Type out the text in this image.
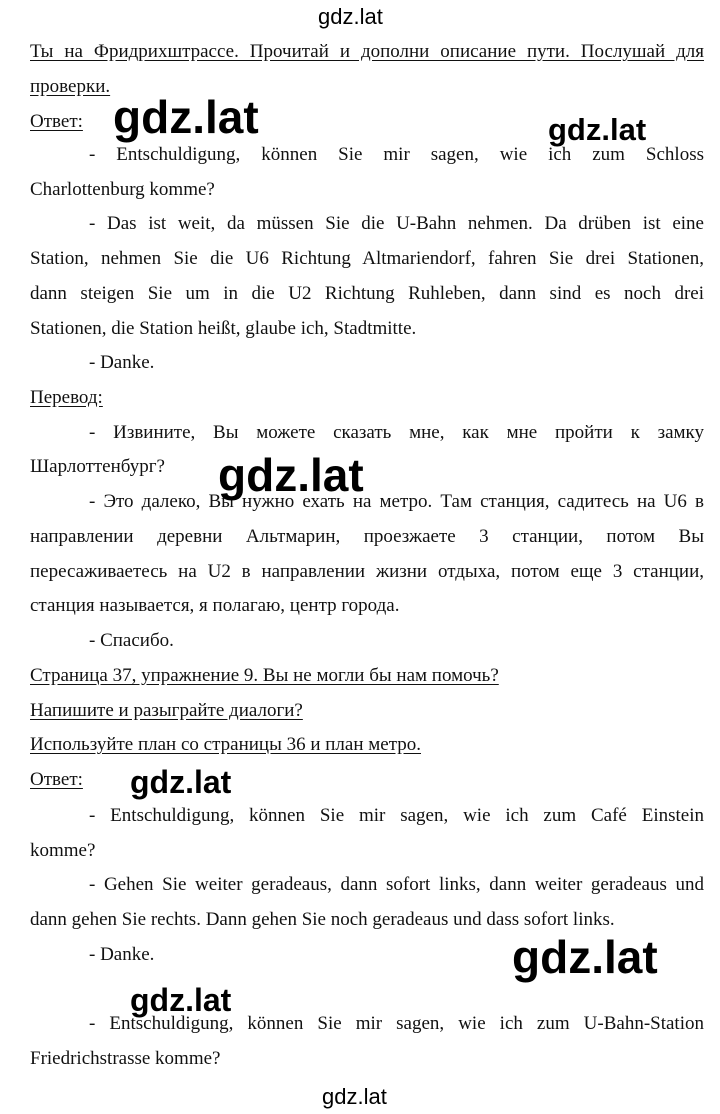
gdz.lat
gdz.lat
Ты на Фридрихштрассе. Прочитай и дополни описание пути. Послушай для
проверки.
Ответ: gdz.lat	gdz.lat
- Entschuldigung, können Sie mir sagen, wie ich zum Schloss
Charlottenburg komme?
- Das ist weit, da müssen Sie die U-Bahn nehmen. Da drüben ist eine
Station, nehmen Sie die U6 Richtung Altmariendorf, fahren Sie drei Stationen,
dann steigen Sie um in die U2 Richtung Ruhleben, dann sind es noch drei
Stationen, die Station heißt, glaube ich, Stadtmitte.
- Danke.
Перевод:
- Извините, Вы можете сказать мне, как мне пройти к замку
Шарлоттенбург?
- Это далеко, Вы нужно ехать на метро. Там станция, садитесь на U6 в
направлении деревни Альтмарин, проезжаете 3 станции, потом Вы
пересаживаетесь на U2 в направлении жизни отдыха, потом еще 3 станции,
станция называется, я полагаю, центр города.
- Спасибо.
gdz.lat
Страница 37, упражнение 9. Вы не могли бы нам помочь?
Напишите и разыграйте диалоги?
Используйте план со страницы 36 и план метро.
Ответ: gdz.lat
- Entschuldigung, können Sie mir sagen, wie ich zum Café Einstein
komme?
- Gehen Sie weiter geradeaus, dann sofort links, dann weiter geradeaus und
dann gehen Sie rechts. Dann gehen Sie noch geradeaus und dass sofort links.
- Danke.	gdz.lat
gdz.lat
- Entschuldigung, können Sie mir sagen, wie ich zum U-Bahn-Station
Friedrichstrasse komme?
